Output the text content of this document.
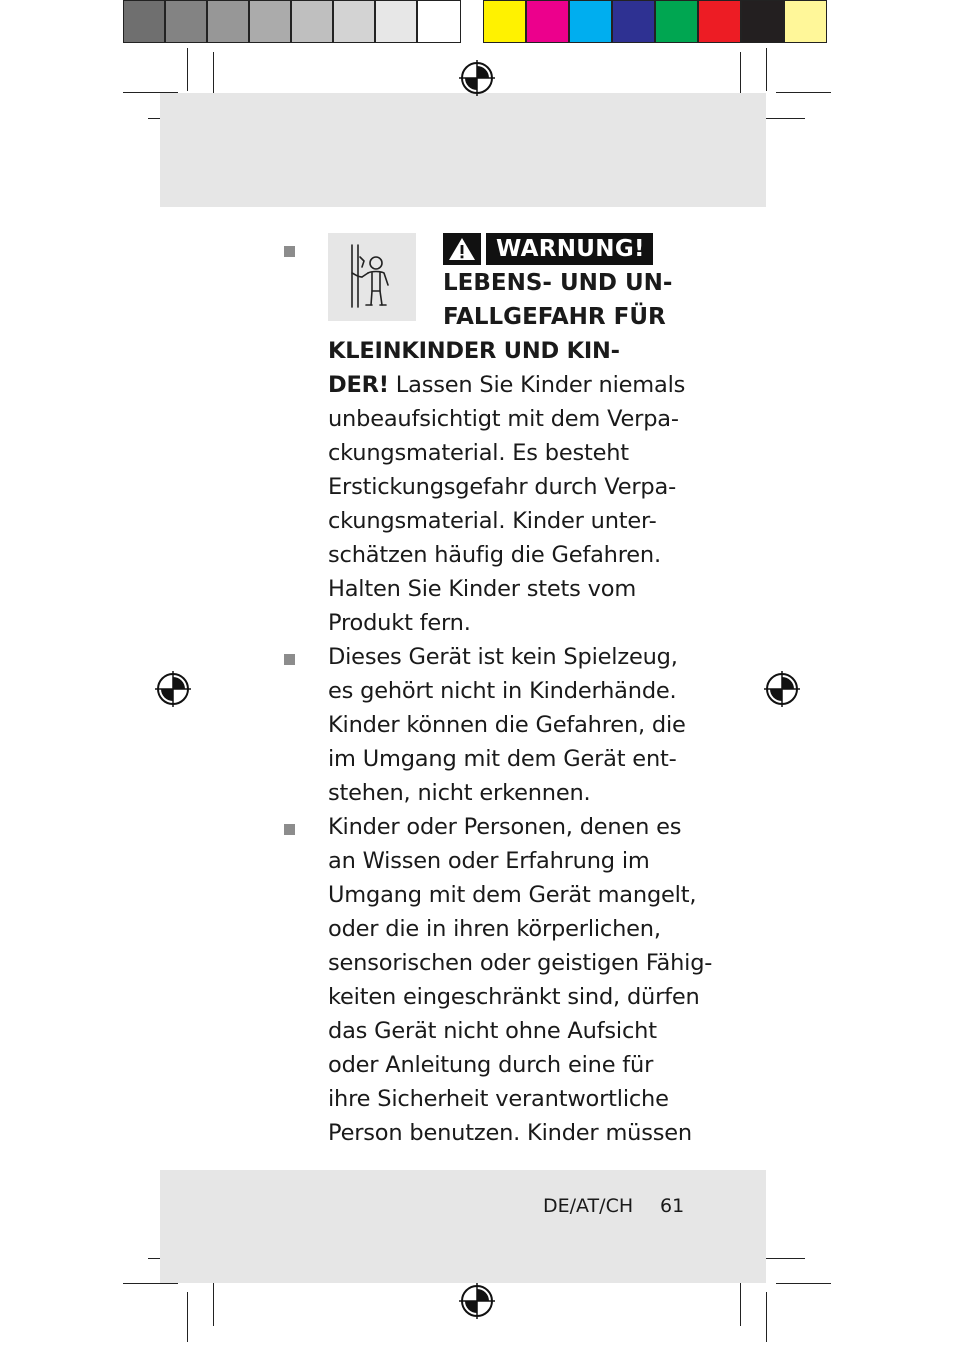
WARNUNG!
LEBENS- UND UN-
FALLGEFAHR FÜR
KLEINKINDER UND KIN-
DER! Lassen Sie Kinder niemals
unbeaufsichtigt mit dem Verpa-
ckungsmaterial. Es besteht
Erstickungsgefahr durch Verpa-
ckungsmaterial. Kinder unter-
schätzen häufig die Gefahren.
Halten Sie Kinder stets vom
Produkt fern.
Dieses Gerät ist kein Spielzeug,
es gehört nicht in Kinderhände.
Kinder können die Gefahren, die
im Umgang mit dem Gerät ent-
stehen, nicht erkennen.
Kinder oder Personen, denen es
an Wissen oder Erfahrung im
Umgang mit dem Gerät mangelt,
oder die in ihren körperlichen,
sensorischen oder geistigen Fähig-
keiten eingeschränkt sind, dürfen
das Gerät nicht ohne Aufsicht
oder Anleitung durch eine für
ihre Sicherheit verantwortliche
Person benutzen. Kinder müssen
DE/AT/CH 61
